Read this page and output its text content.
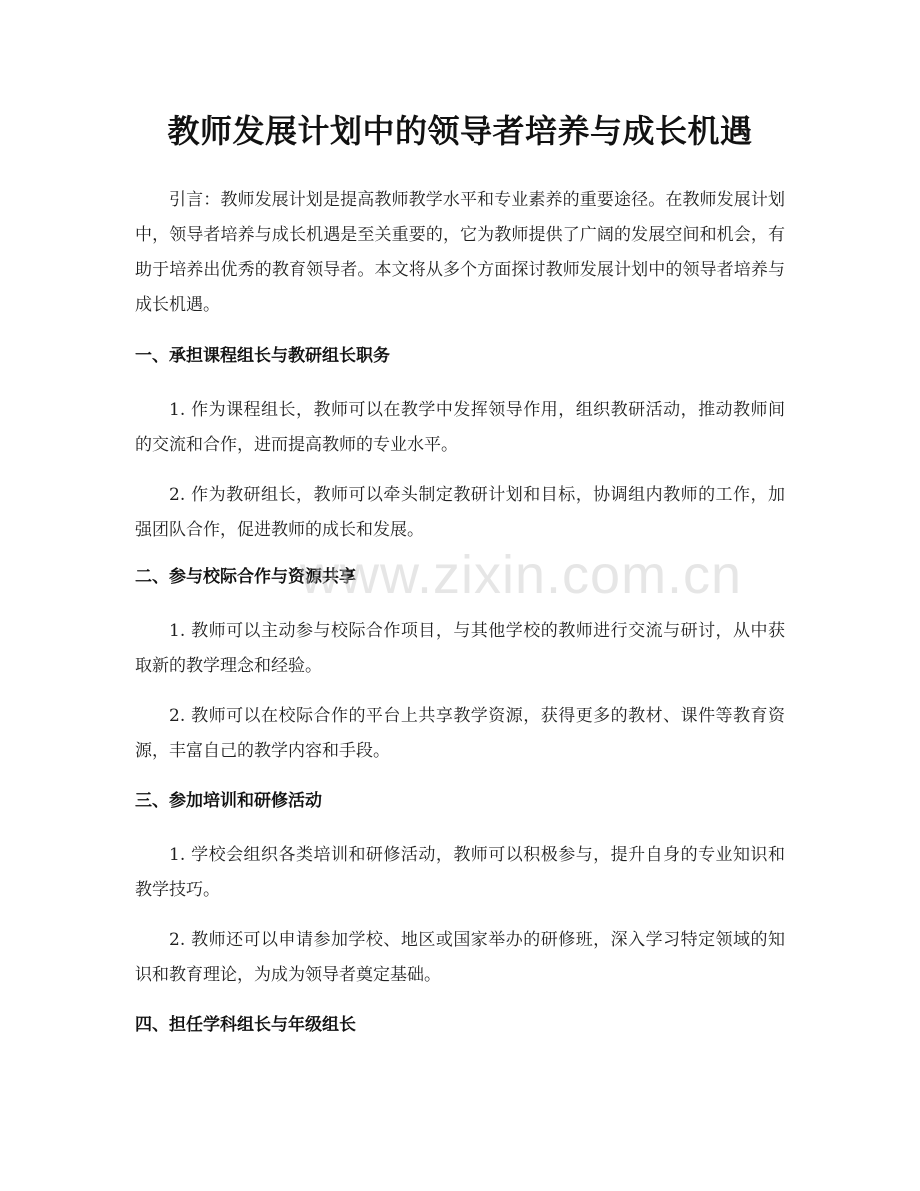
教师发展计划中的领导者培养与成长机遇

引言：教师发展计划是提高教师教学水平和专业素养的重要途径。在教师发展计划中，领导者培养与成长机遇是至关重要的，它为教师提供了广阔的发展空间和机会，有助于培养出优秀的教育领导者。本文将从多个方面探讨教师发展计划中的领导者培养与成长机遇。

一、承担课程组长与教研组长职务

1. 作为课程组长，教师可以在教学中发挥领导作用，组织教研活动，推动教师间的交流和合作，进而提高教师的专业水平。

2. 作为教研组长，教师可以牵头制定教研计划和目标，协调组内教师的工作，加强团队合作，促进教师的成长和发展。

二、参与校际合作与资源共享

1. 教师可以主动参与校际合作项目，与其他学校的教师进行交流与研讨，从中获取新的教学理念和经验。

2. 教师可以在校际合作的平台上共享教学资源，获得更多的教材、课件等教育资源，丰富自己的教学内容和手段。

三、参加培训和研修活动

1. 学校会组织各类培训和研修活动，教师可以积极参与，提升自身的专业知识和教学技巧。

2. 教师还可以申请参加学校、地区或国家举办的研修班，深入学习特定领域的知识和教育理论，为成为领导者奠定基础。

四、担任学科组长与年级组长
www.zixin.com.cn
